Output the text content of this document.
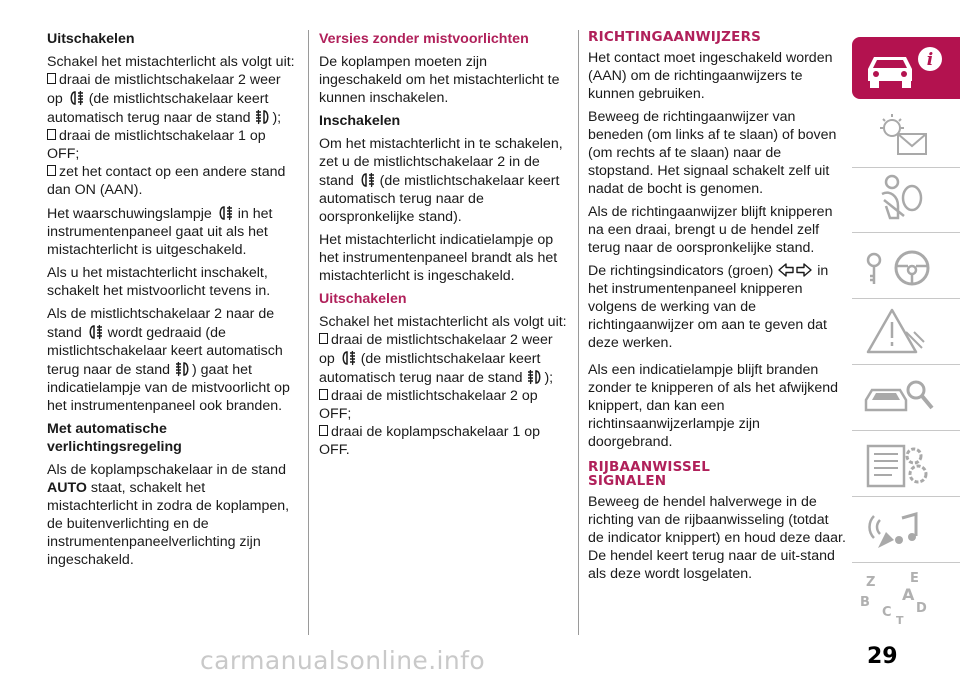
Uitschakelen

Schakel het mistachterlicht als volgt uit:

draai de mistlichtschakelaar 2 weer
op (de mistlichtschakelaar keert
automatisch terug naar de stand );
draai de mistlichtschakelaar 1 op OFF;
zet het contact op een andere stand dan ON (AAN).

Het waarschuwingslampje in het instrumentenpaneel gaat uit als het mistachterlicht is uitgeschakeld.

Als u het mistachterlicht inschakelt, schakelt het mistvoorlicht tevens in.

Als de mistlichtschakelaar 2 naar de stand wordt gedraaid (de mistlichtschakelaar keert automatisch terug naar de stand ) gaat het indicatielampje van de mistvoorlicht op het instrumentenpaneel ook branden.

Met automatische verlichtingsregeling

Als de koplampschakelaar in de stand AUTO staat, schakelt het mistachterlicht in zodra de koplampen, de buitenverlichting en de instrumentenpaneelverlichting zijn ingeschakeld.

Versies zonder mistvoorlichten

De koplampen moeten zijn ingeschakeld om het mistachterlicht te kunnen inschakelen.

Inschakelen

Om het mistachterlicht in te schakelen, zet u de mistlichtschakelaar 2 in de stand (de mistlichtschakelaar keert automatisch terug naar de oorspronkelijke stand).

Het mistachterlicht indicatielampje op het instrumentenpaneel brandt als het mistachterlicht is ingeschakeld.

Uitschakelen

Schakel het mistachterlicht als volgt uit:

draai de mistlichtschakelaar 2 weer
op (de mistlichtschakelaar keert
automatisch terug naar de stand );
draai de mistlichtschakelaar 2 op OFF;
draai de koplampschakelaar 1 op OFF.

RICHTINGAANWIJZERS

Het contact moet ingeschakeld worden (AAN) om de richtingaanwijzers te kunnen gebruiken.

Beweeg de richtingaanwijzer van beneden (om links af te slaan) of boven (om rechts af te slaan) naar de stopstand. Het signaal schakelt zelf uit nadat de bocht is genomen.

Als de richtingaanwijzer blijft knipperen na een draai, brengt u de hendel zelf terug naar de oorspronkelijke stand.

De richtingsindicators (groen)	in het instrumentenpaneel knipperen volgens de werking van de richtingaanwijzer om aan te geven dat deze werken.

Als een indicatielampje blijft branden zonder te knipperen of als het afwijkend knippert, dan kan een richtinsaanwijzerlampje zijn doorgebrand.

RIJBAANWISSEL
SIGNALEN

Beweeg de hendel halverwege in de richting van de rijbaanwisseling (totdat de indicator knippert) en houd deze daar. De hendel keert terug naar de uit-stand als deze wordt losgelaten.

i
Z	E
B A
C D
T
carmanualsonline.info	29
